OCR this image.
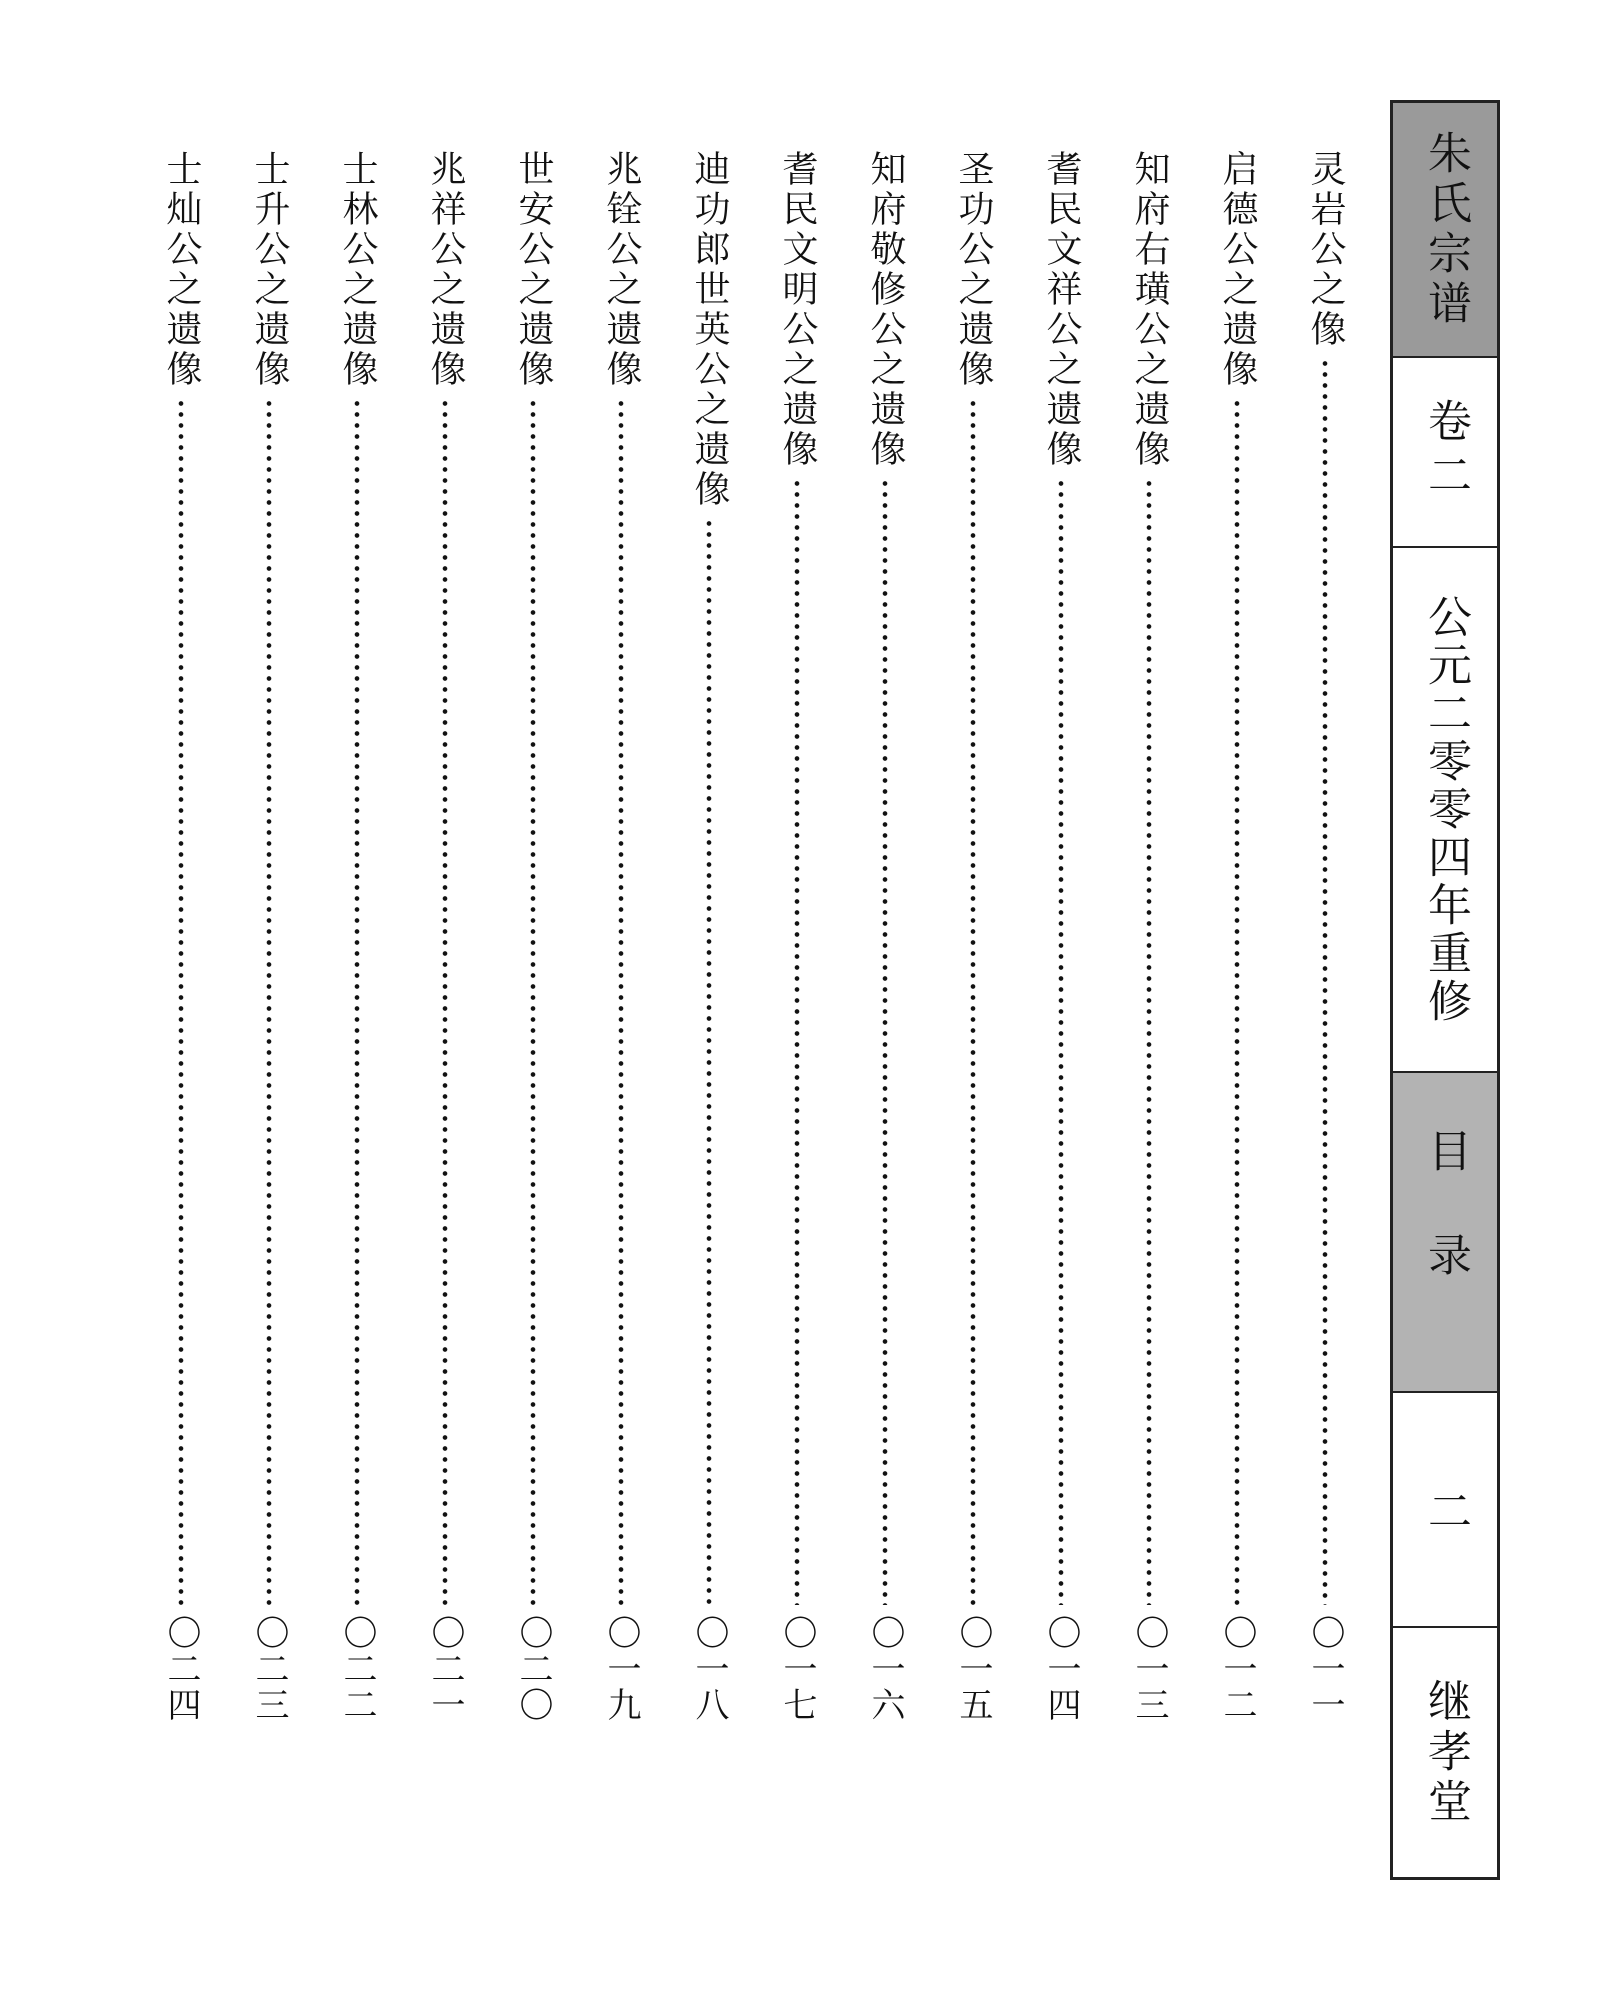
灵岩公之像
〇一一
启德公之遗像
〇一二
知府右璜公之遗像
〇一三
耆民文祥公之遗像
〇一四
圣功公之遗像
〇一五
知府敬修公之遗像
〇一六
耆民文明公之遗像
〇一七
迪功郎世英公之遗像
〇一八
兆铨公之遗像
〇一九
世安公之遗像
〇二〇
兆祥公之遗像
〇二一
士林公之遗像
〇二二
士升公之遗像
〇二三
士灿公之遗像
〇二四
朱氏宗谱
卷二
公元二零零四年重修
目录
二
继孝堂
